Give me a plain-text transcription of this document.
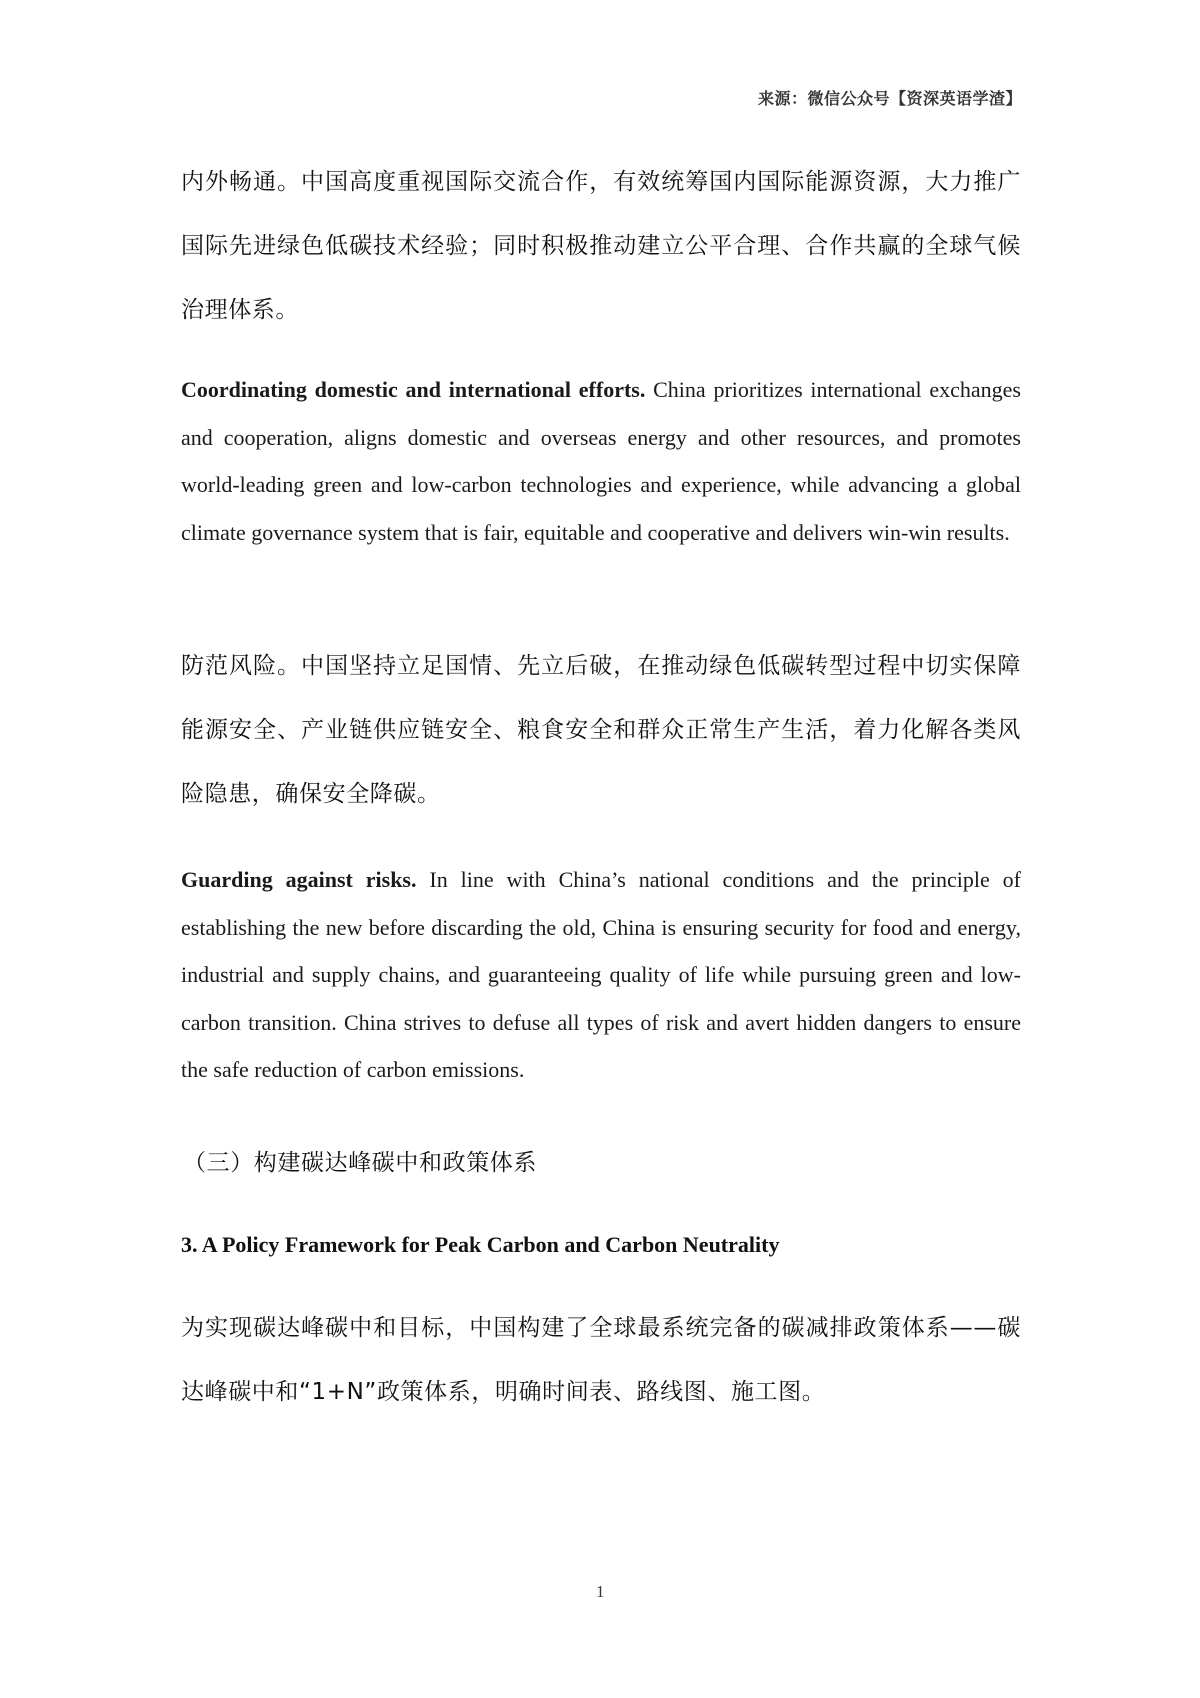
来源：微信公众号【资深英语学渣】

内外畅通。中国高度重视国际交流合作，有效统筹国内国际能源资源，大力推广国际先进绿色低碳技术经验；同时积极推动建立公平合理、合作共赢的全球气候治理体系。

Coordinating domestic and international efforts. China prioritizes international exchanges and cooperation, aligns domestic and overseas energy and other resources, and promotes world-leading green and low-carbon technologies and experience, while advancing a global climate governance system that is fair, equitable and cooperative and delivers win-win results.

防范风险。中国坚持立足国情、先立后破，在推动绿色低碳转型过程中切实保障能源安全、产业链供应链安全、粮食安全和群众正常生产生活，着力化解各类风险隐患，确保安全降碳。

Guarding against risks. In line with China’s national conditions and the principle of establishing the new before discarding the old, China is ensuring security for food and energy, industrial and supply chains, and guaranteeing quality of life while pursuing green and low-carbon transition. China strives to defuse all types of risk and avert hidden dangers to ensure the safe reduction of carbon emissions.

（三）构建碳达峰碳中和政策体系

3. A Policy Framework for Peak Carbon and Carbon Neutrality

为实现碳达峰碳中和目标，中国构建了全球最系统完备的碳减排政策体系——碳达峰碳中和“1+N”政策体系，明确时间表、路线图、施工图。

1
